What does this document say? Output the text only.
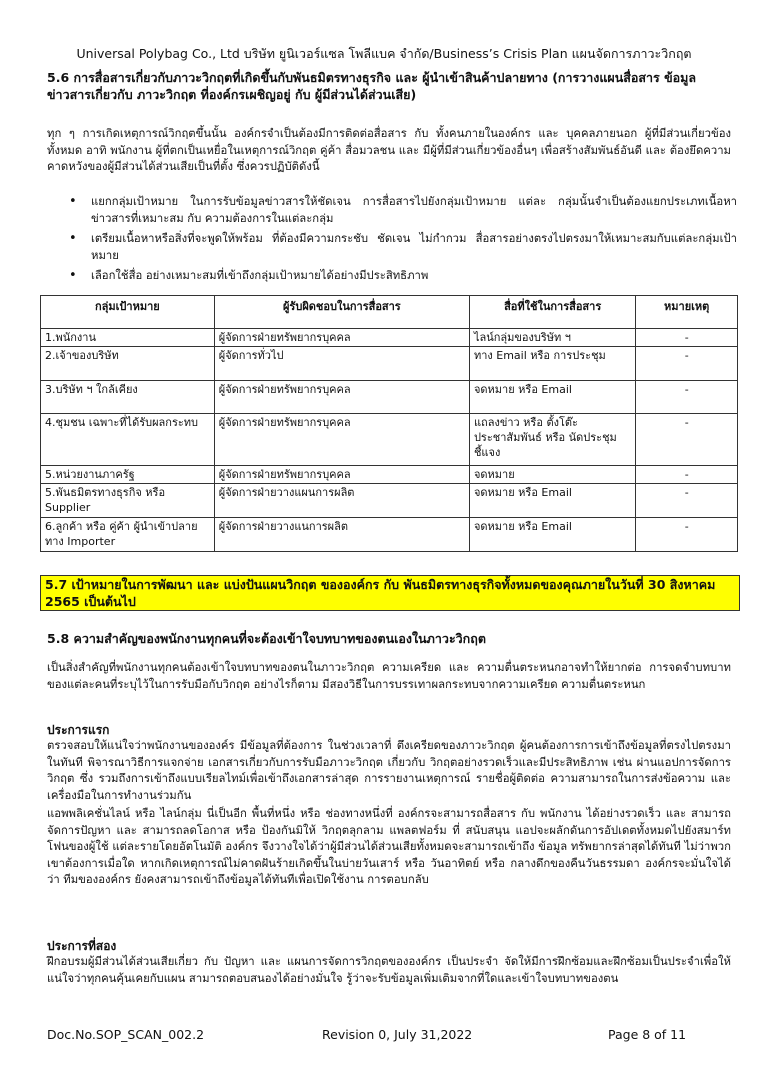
Universal Polybag Co., Ltd บริษัท ยูนิเวอร์แซล โพลีแบค จำกัด/Business’s Crisis Plan แผนจัดการภาวะวิกฤต
5.6 การสื่อสารเกี่ยวกับภาวะวิกฤตที่เกิดขึ้นกับพันธมิตรทางธุรกิจ และ ผู้นำเข้าสินค้าปลายทาง (การวางแผนสื่อสาร ข้อมูลข่าวสารเกี่ยวกับ ภาวะวิกฤต ที่องค์กรเผชิญอยู่ กับ ผู้มีส่วนได้ส่วนเสีย)
ทุก ๆ การเกิดเหตุการณ์วิกฤตขึ้นนั้น องค์กรจำเป็นต้องมีการติดต่อสื่อสาร กับ ทั้งคนภายในองค์กร และ บุคคลภายนอก ผู้ที่มีส่วนเกี่ยวข้องทั้งหมด อาทิ พนักงาน ผู้ที่ตกเป็นเหยื่อในเหตุการณ์วิกฤต คู่ค้า สื่อมวลชน และ มีผู้ที่มีส่วนเกี่ยวข้องอื่นๆ เพื่อสร้างสัมพันธ์อันดี และ ต้องยึดความคาดหวังของผู้มีส่วนได้ส่วนเสียเป็นที่ตั้ง ซึ่งควรปฏิบัติดังนี้
• แยกกลุ่มเป้าหมาย ในการรับข้อมูลข่าวสารให้ชัดเจน การสื่อสารไปยังกลุ่มเป้าหมาย แต่ละ กลุ่มนั้นจำเป็นต้องแยกประเภทเนื้อหาข่าวสารที่เหมาะสม กับ ความต้องการในแต่ละกลุ่ม
• เตรียมเนื้อหาหรือสิ่งที่จะพูดให้พร้อม ที่ต้องมีความกระชับ ชัดเจน ไม่กำกวม สื่อสารอย่างตรงไปตรงมาให้เหมาะสมกับแต่ละกลุ่มเป้าหมาย
• เลือกใช้สื่อ อย่างเหมาะสมที่เข้าถึงกลุ่มเป้าหมายได้อย่างมีประสิทธิภาพ
กลุ่มเป้าหมาย	ผู้รับผิดชอบในการสื่อสาร	สื่อที่ใช้ในการสื่อสาร	หมายเหตุ
1.พนักงาน	ผู้จัดการฝ่ายทรัพยากรบุคคล	ไลน์กลุ่มของบริษัท ฯ	-
2.เจ้าของบริษัท	ผู้จัดการทั่วไป	ทาง Email หรือ การประชุม	-
3.บริษัท ฯ ใกล้เคียง	ผู้จัดการฝ่ายทรัพยากรบุคคล	จดหมาย หรือ Email	-
4.ชุมชน เฉพาะที่ได้รับผลกระทบ	ผู้จัดการฝ่ายทรัพยากรบุคคล	แถลงข่าว หรือ ตั้งโต๊ะประชาสัมพันธ์ หรือ นัดประชุมชี้แจง	-
5.หน่วยงานภาครัฐ	ผู้จัดการฝ่ายทรัพยากรบุคคล	จดหมาย	-
5.พันธมิตรทางธุรกิจ หรือ Supplier	ผู้จัดการฝ่ายวางแผนการผลิต	จดหมาย หรือ Email	-
6.ลูกค้า หรือ คู่ค้า ผู้นำเข้าปลายทาง Importer	ผู้จัดการฝ่ายวางแนการผลิต	จดหมาย หรือ Email	-
5.7 เป้าหมายในการพัฒนา และ แบ่งปันแผนวิกฤต ขององค์กร กับ พันธมิตรทางธุรกิจทั้งหมดของคุณภายในวันที่ 30 สิงหาคม 2565 เป็นต้นไป
5.8 ความสำคัญของพนักงานทุกคนที่จะต้องเข้าใจบทบาทของตนเองในภาวะวิกฤต
เป็นสิ่งสำคัญที่พนักงานทุกคนต้องเข้าใจบทบาทของตนในภาวะวิกฤต ความเครียด และ ความตื่นตระหนกอาจทำให้ยากต่อ การจดจำบทบาทของแต่ละคนที่ระบุไว้ในการรับมือกับวิกฤต อย่างไรก็ตาม มีสองวิธีในการบรรเทาผลกระทบจากความเครียด ความตื่นตระหนก
ประการแรก
ตรวจสอบให้แน่ใจว่าพนักงานขององค์ร มีข้อมูลที่ต้องการ ในช่วงเวลาที่ ตึงเครียดของภาวะวิกฤต ผู้คนต้องการการเข้าถึงข้อมูลที่ตรงไปตรงมาในทันที พิจารณาวิธีการแจกจ่าย เอกสารเกี่ยวกับการรับมือภาวะวิกฤต เกี่ยวกับ วิกฤตอย่างรวดเร็วและมีประสิทธิภาพ เช่น ผ่านแอปการจัดการวิกฤต ซึ่ง รวมถึงการเข้าถึงแบบเรียลไทม์เพื่อเข้าถึงเอกสารล่าสุด การรายงานเหตุการณ์ รายชื่อผู้ติดต่อ ความสามารถในการส่งข้อความ และ เครื่องมือในการทำงานร่วมกัน
แอพพลิเคชั่นไลน์ หรือ ไลน์กลุ่ม นี่เป็นอีก พื้นที่หนึ่ง หรือ ช่องทางหนึ่งที่ องค์กรจะสามารถสื่อสาร กับ พนักงาน ได้อย่างรวดเร็ว และ สามารถ จัดการปัญหา และ สามารถลดโอกาส หรือ ป้องกันมิให้ วิกฤตลุกลาม แพลตฟอร์ม ที่ สนับสนุน แอปจะผลักดันการอัปเดตทั้งหมดไปยังสมาร์ทโฟนของผู้ใช้ แต่ละรายโดยอัตโนมัติ องค์กร จึงวางใจได้ว่าผู้มีส่วนได้ส่วนเสียทั้งหมดจะสามารถเข้าถึง ข้อมูล ทรัพยากรล่าสุดได้ทันที ไม่ว่าพวกเขาต้องการเมื่อใด หากเกิดเหตุการณ์ไม่คาดฝันร้ายเกิดขึ้นในบ่ายวันเสาร์ หรือ วันอาทิตย์ หรือ กลางดึกของคืนวันธรรมดา องค์กรจะมั่นใจได้ว่า ทีมขององค์กร ยังคงสามารถเข้าถึงข้อมูลได้ทันทีเพื่อเปิดใช้งาน การตอบกลับ
ประการที่สอง
ฝึกอบรมผู้มีส่วนได้ส่วนเสียเกี่ยว กับ ปัญหา และ แผนการจัดการวิกฤตขององค์กร เป็นประจำ จัดให้มีการฝึกซ้อมและฝึกซ้อมเป็นประจำเพื่อให้แน่ใจว่าทุกคนคุ้นเคยกับแผน สามารถตอบสนองได้อย่างมั่นใจ รู้ว่าจะรับข้อมูลเพิ่มเติมจากที่ใดและเข้าใจบทบาทของตน
Doc.No.SOP_SCAN_002.2	Revision 0, July 31,2022	Page 8 of 11
